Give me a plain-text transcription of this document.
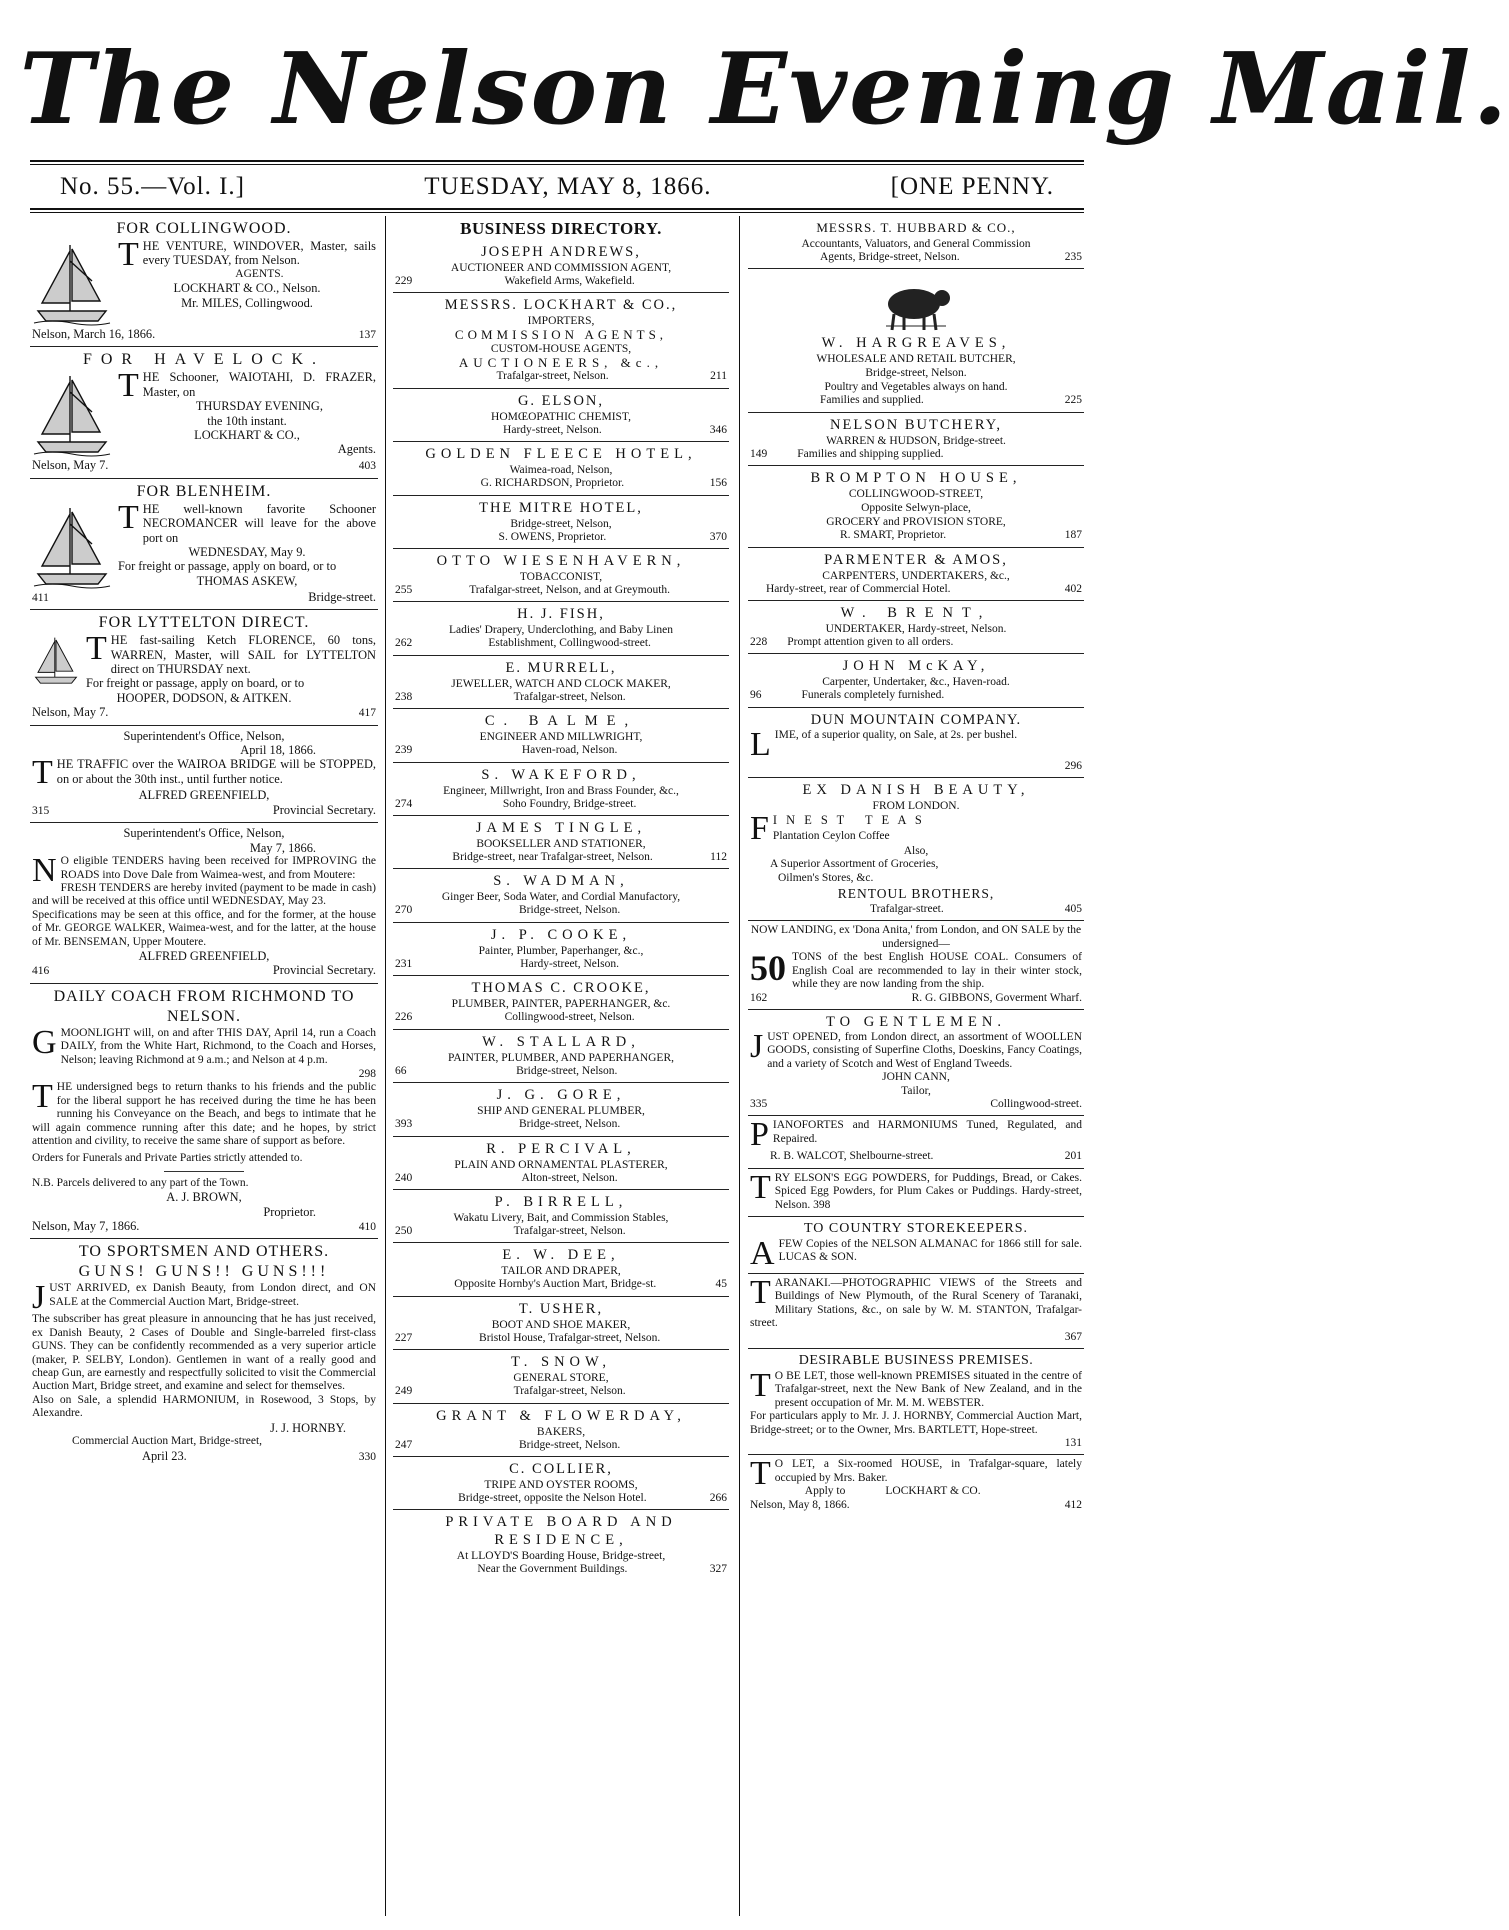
The Nelson Evening Mail.
No. 55.—Vol. I.]	TUESDAY, MAY 8, 1866.	[ONE PENNY.
FOR COLLINGWOOD.
THE VENTURE, WINDOVER, Master, sails every TUESDAY, from Nelson.
AGENTS.
LOCKHART & CO., Nelson.
Mr. MILES, Collingwood.
Nelson, March 16, 1866.	137
FOR HAVELOCK.
THE Schooner, WAIOTAHI, D. FRAZER, Master, on
THURSDAY EVENING,
the 10th instant.
LOCKHART & CO.,
Agents.
Nelson, May 7.	403
FOR BLENHEIM.
THE well-known favorite Schooner NECROMANCER will leave for the above port on
WEDNESDAY, May 9.
For freight or passage, apply on board, or to
THOMAS ASKEW,
411	Bridge-street.
FOR LYTTELTON DIRECT.
THE fast-sailing Ketch FLORENCE, 60 tons, WARREN, Master, will SAIL for LYTTELTON direct on THURSDAY next.
For freight or passage, apply on board, or to
HOOPER, DODSON, & AITKEN.
Nelson, May 7.	417
Superintendent's Office, Nelson,
April 18, 1866.
THE TRAFFIC over the WAIROA BRIDGE will be STOPPED, on or about the 30th inst., until further notice.
ALFRED GREENFIELD,
315	Provincial Secretary.
Superintendent's Office, Nelson,
May 7, 1866.
N O eligible TENDERS having been received for IMPROVING the ROADS into Dove Dale from Waimea-west, and from Moutere:
FRESH TENDERS are hereby invited (payment to be made in cash) and will be received at this office until WEDNESDAY, May 23.
Specifications may be seen at this office, and for the former, at the house of Mr. GEORGE WALKER, Waimea-west, and for the latter, at the house of Mr. BENSEMAN, Upper Moutere.
ALFRED GREENFIELD,
416	Provincial Secretary.
DAILY COACH FROM RICHMOND TO NELSON.
GMOONLIGHT will, on and after THIS DAY, April 14, run a Coach DAILY, from the White Hart, Richmond, to the Coach and Horses, Nelson; leaving Richmond at 9 a.m.; and Nelson at 4 p.m.
298
THE undersigned begs to return thanks to his friends and the public for the liberal support he has received during the time he has been running his Conveyance on the Beach, and begs to intimate that he will again commence running after this date; and he hopes, by strict attention and civility, to receive the same share of support as before.
Orders for Funerals and Private Parties strictly attended to.
N.B. Parcels delivered to any part of the Town.
A. J. BROWN,
Proprietor.
Nelson, May 7, 1866.	410
TO SPORTSMEN AND OTHERS.
GUNS! GUNS!! GUNS!!!
JUST ARRIVED, ex Danish Beauty, from London direct, and ON SALE at the Commercial Auction Mart, Bridge-street.
The subscriber has great pleasure in announcing that he has just received, ex Danish Beauty, 2 Cases of Double and Single-barreled first-class GUNS. They can be confidently recommended as a very superior article (maker, P. SELBY, London). Gentlemen in want of a really good and cheap Gun, are earnestly and respectfully solicited to visit the Commercial Auction Mart, Bridge street, and examine and select for themselves.
Also on Sale, a splendid HARMONIUM, in Rosewood, 3 Stops, by Alexandre.
J. J. HORNBY.
Commercial Auction Mart, Bridge-street,
April 23.	330
BUSINESS DIRECTORY.
JOSEPH ANDREWS,
AUCTIONEER AND COMMISSION AGENT,
229	Wakefield Arms, Wakefield.
MESSRS. LOCKHART & CO.,
IMPORTERS,
COMMISSION AGENTS,
CUSTOM-HOUSE AGENTS,
AUCTIONEERS, &c.,
Trafalgar-street, Nelson.	211
G. ELSON,
HOMŒOPATHIC CHEMIST,
Hardy-street, Nelson.	346
GOLDEN FLEECE HOTEL,
Waimea-road, Nelson,
G. RICHARDSON, Proprietor.	156
THE MITRE HOTEL,
Bridge-street, Nelson,
S. OWENS, Proprietor.	370
OTTO WIESENHAVERN,
TOBACCONIST,
255	Trafalgar-street, Nelson, and at Greymouth.
H. J. FISH,
Ladies' Drapery, Underclothing, and Baby Linen
262	Establishment, Collingwood-street.
E. MURRELL,
JEWELLER, WATCH AND CLOCK MAKER,
238	Trafalgar-street, Nelson.
C. BALME,
ENGINEER AND MILLWRIGHT,
239	Haven-road, Nelson.
S. WAKEFORD,
Engineer, Millwright, Iron and Brass Founder, &c.,
274	Soho Foundry, Bridge-street.
JAMES TINGLE,
BOOKSELLER AND STATIONER,
Bridge-street, near Trafalgar-street, Nelson.	112
S. WADMAN,
Ginger Beer, Soda Water, and Cordial Manufactory,
270	Bridge-street, Nelson.
J. P. COOKE,
Painter, Plumber, Paperhanger, &c.,
231	Hardy-street, Nelson.
THOMAS C. CROOKE,
PLUMBER, PAINTER, PAPERHANGER, &c.
226	Collingwood-street, Nelson.
W. STALLARD,
PAINTER, PLUMBER, AND PAPERHANGER,
66	Bridge-street, Nelson.
J. G. GORE,
SHIP AND GENERAL PLUMBER,
393	Bridge-street, Nelson.
R. PERCIVAL,
PLAIN AND ORNAMENTAL PLASTERER,
240	Alton-street, Nelson.
P. BIRRELL,
Wakatu Livery, Bait, and Commission Stables,
250	Trafalgar-street, Nelson.
E. W. DEE,
TAILOR AND DRAPER,
Opposite Hornby's Auction Mart, Bridge-st.	45
T. USHER,
BOOT AND SHOE MAKER,
227	Bristol House, Trafalgar-street, Nelson.
T. SNOW,
GENERAL STORE,
249	Trafalgar-street, Nelson.
GRANT & FLOWERDAY,
BAKERS,
247	Bridge-street, Nelson.
C. COLLIER,
TRIPE AND OYSTER ROOMS,
Bridge-street, opposite the Nelson Hotel.	266
PRIVATE BOARD AND RESIDENCE,
At LLOYD'S Boarding House, Bridge-street,
Near the Government Buildings.	327
MESSRS. T. HUBBARD & CO.,
Accountants, Valuators, and General Commission
Agents, Bridge-street, Nelson.	235
W. HARGREAVES,
WHOLESALE AND RETAIL BUTCHER,
Bridge-street, Nelson.
Poultry and Vegetables always on hand.
Families and supplied.	225
NELSON BUTCHERY,
WARREN & HUDSON, Bridge-street.
149	Families and shipping supplied.
BROMPTON HOUSE,
COLLINGWOOD-STREET,
Opposite Selwyn-place,
GROCERY and PROVISION STORE,
R. SMART, Proprietor.	187
PARMENTER & AMOS,
CARPENTERS, UNDERTAKERS, &c.,
Hardy-street, rear of Commercial Hotel.	402
W. BRENT,
UNDERTAKER, Hardy-street, Nelson.
228 Prompt attention given to all orders.
JOHN McKAY,
Carpenter, Undertaker, &c., Haven-road.
96	Funerals completely furnished.
DUN MOUNTAIN COMPANY.
LIME, of a superior quality, on Sale, at 2s. per bushel.
296
EX DANISH BEAUTY,
FROM LONDON.
F I N E S T   T E A S
Plantation Ceylon Coffee
Also,
A Superior Assortment of Groceries,
Oilmen's Stores, &c.
RENTOUL BROTHERS,
Trafalgar-street.	405
NOW LANDING, ex 'Dona Anita,' from London, and ON SALE by the undersigned—
50 TONS of the best English HOUSE COAL. Consumers of English Coal are recommended to lay in their winter stock, while they are now landing from the ship.
162	R. G. GIBBONS, Goverment Wharf.
TO GENTLEMEN.
JUST OPENED, from London direct, an assortment of WOOLLEN GOODS, consisting of Superfine Cloths, Doeskins, Fancy Coatings, and a variety of Scotch and West of England Tweeds.
JOHN CANN,
Tailor,
335	Collingwood-street.
PIANOFORTES and HARMONIUMS Tuned, Regulated, and Repaired.
R. B. WALCOT, Shelbourne-street.	201
TRY ELSON'S EGG POWDERS, for Puddings, Bread, or Cakes. Spiced Egg Powders, for Plum Cakes or Puddings. Hardy-street, Nelson. 398
TO COUNTRY STOREKEEPERS.
AFEW Copies of the NELSON ALMANAC for 1866 still for sale. LUCAS & SON.
TARANAKI.—PHOTOGRAPHIC VIEWS of the Streets and Buildings of New Plymouth, of the Rural Scenery of Taranaki, Military Stations, &c., on sale by W. M. STANTON, Trafalgar-street.
367
DESIRABLE BUSINESS PREMISES.
T O BE LET, those well-known PREMISES situated in the centre of Trafalgar-street, next the New Bank of New Zealand, and in the present occupation of Mr. M. M. WEBSTER.
For particulars apply to Mr. J. J. HORNBY, Commercial Auction Mart, Bridge-street; or to the Owner, Mrs. BARTLETT, Hope-street.
131
T O LET, a Six-roomed HOUSE, in Trafalgar-square, lately occupied by Mrs. Baker.
Apply to	LOCKHART & CO.
Nelson, May 8, 1866.	412
